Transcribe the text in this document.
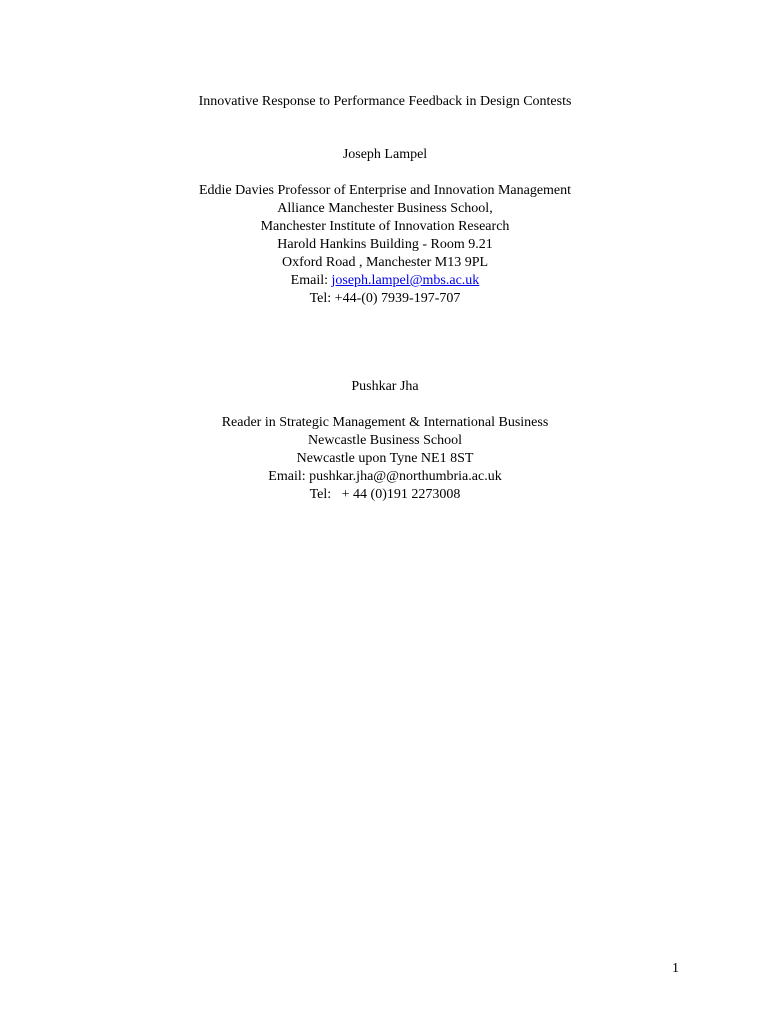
Innovative Response to Performance Feedback in Design Contests
Joseph Lampel
Eddie Davies Professor of Enterprise and Innovation Management
Alliance Manchester Business School,
Manchester Institute of Innovation Research
Harold Hankins Building - Room 9.21
Oxford Road , Manchester M13 9PL
Email: joseph.lampel@mbs.ac.uk
Tel: +44-(0) 7939-197-707
Pushkar Jha
Reader in Strategic Management & International Business
Newcastle Business School
Newcastle upon Tyne NE1 8ST
Email: pushkar.jha@@northumbria.ac.uk
Tel:   + 44 (0)191 2273008
1
